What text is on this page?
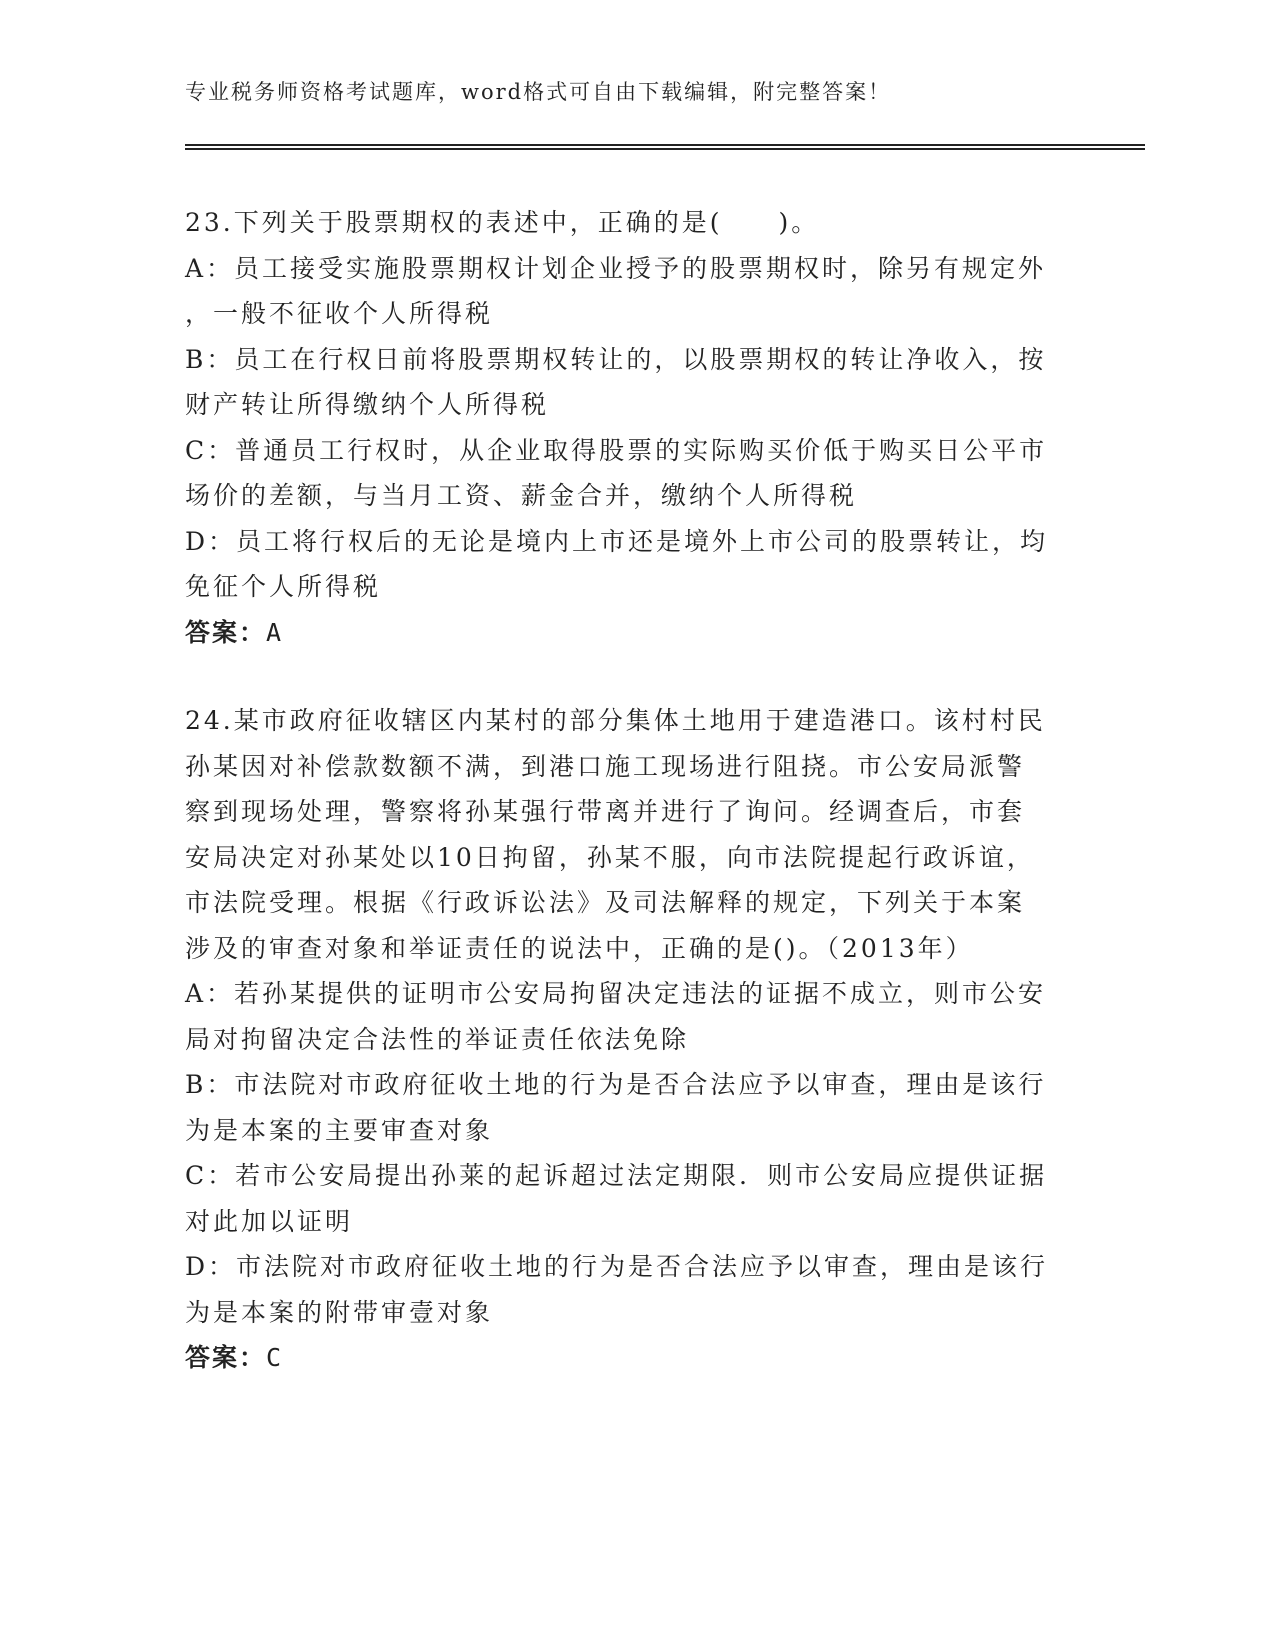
专业税务师资格考试题库，word格式可自由下载编辑，附完整答案！

23.下列关于股票期权的表述中，正确的是(　　)。

A：员工接受实施股票期权计划企业授予的股票期权时，除另有规定外

，一般不征收个人所得税

B：员工在行权日前将股票期权转让的，以股票期权的转让净收入，按

财产转让所得缴纳个人所得税

C：普通员工行权时，从企业取得股票的实际购买价低于购买日公平市

场价的差额，与当月工资、薪金合并，缴纳个人所得税

D：员工将行权后的无论是境内上市还是境外上市公司的股票转让，均

免征个人所得税

答案：A

24.某市政府征收辖区内某村的部分集体土地用于建造港口。该村村民

孙某因对补偿款数额不满，到港口施工现场进行阻挠。市公安局派警

察到现场处理，警察将孙某强行带离并进行了询问。经调查后，市套

安局决定对孙某处以10日拘留，孙某不服，向市法院提起行政诉谊，

市法院受理。根据《行政诉讼法》及司法解释的规定，下列关于本案

涉及的审查对象和举证责任的说法中，正确的是()。（2013年）

A：若孙某提供的证明市公安局拘留决定违法的证据不成立，则市公安

局对拘留决定合法性的举证责任依法免除

B：市法院对市政府征收土地的行为是否合法应予以审查，理由是该行

为是本案的主要审查对象

C：若市公安局提出孙莱的起诉超过法定期限．则市公安局应提供证据

对此加以证明

D：市法院对市政府征收土地的行为是否合法应予以审查，理由是该行

为是本案的附带审壹对象

答案：C
